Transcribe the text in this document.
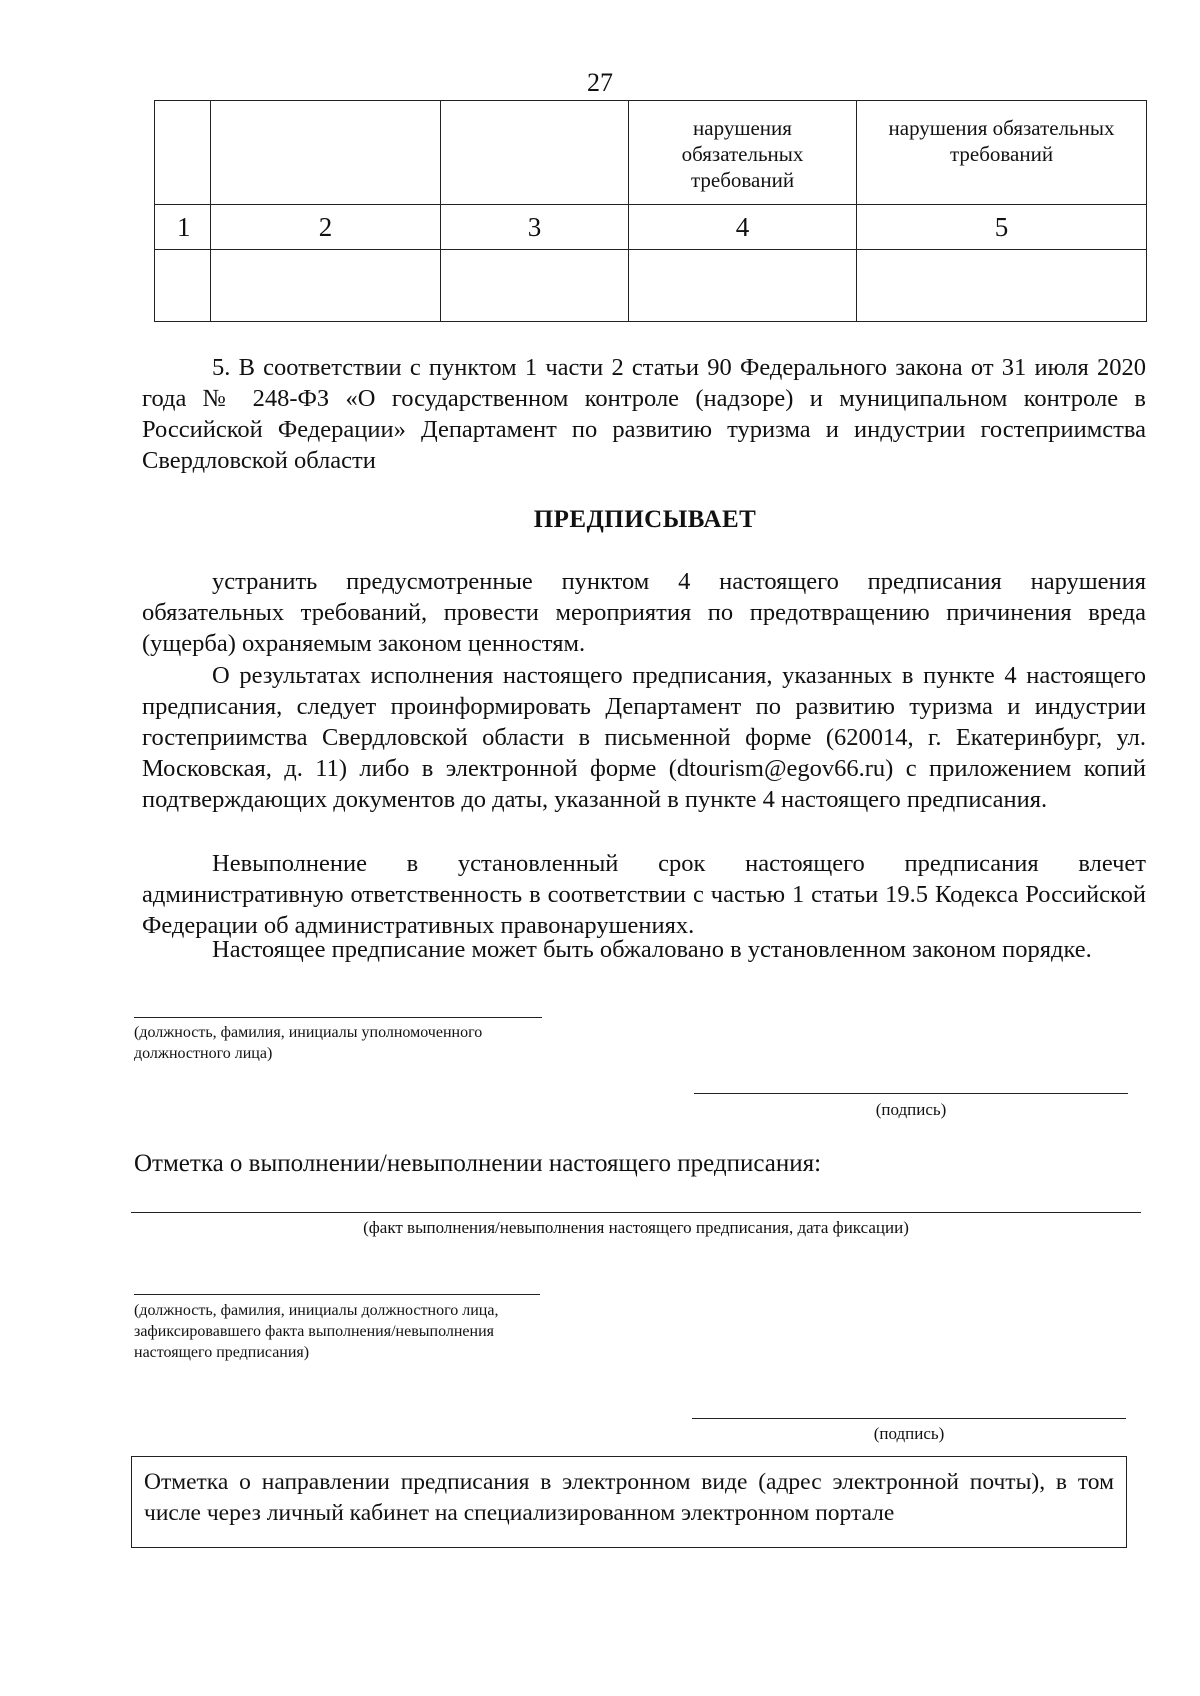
27
			нарушения обязательных требований	нарушения обязательных требований
1	2	3	4	5

5. В соответствии с пунктом 1 части 2 статьи 90 Федерального закона от 31 июля 2020 года № 248-ФЗ «О государственном контроле (надзоре) и муниципальном контроле в Российской Федерации» Департамент по развитию туризма и индустрии гостеприимства Свердловской области

ПРЕДПИСЫВАЕТ

устранить предусмотренные пунктом 4 настоящего предписания нарушения обязательных требований, провести мероприятия по предотвращению причинения вреда (ущерба) охраняемым законом ценностям.

О результатах исполнения настоящего предписания, указанных в пункте 4 настоящего предписания, следует проинформировать Департамент по развитию туризма и индустрии гостеприимства Свердловской области в письменной форме (620014, г. Екатеринбург, ул. Московская, д. 11) либо в электронной форме (dtourism@egov66.ru) с приложением копий подтверждающих документов до даты, указанной в пункте 4 настоящего предписания.

Невыполнение в установленный срок настоящего предписания влечет административную ответственность в соответствии с частью 1 статьи 19.5 Кодекса Российской Федерации об административных правонарушениях.

Настоящее предписание может быть обжаловано в установленном законом порядке.

(должность, фамилия, инициалы уполномоченного должностного лица)
(подпись)
Отметка о выполнении/невыполнении настоящего предписания:
(факт выполнения/невыполнения настоящего предписания, дата фиксации)
(должность, фамилия, инициалы должностного лица, зафиксировавшего факта выполнения/невыполнения настоящего предписания)
(подпись)
Отметка о направлении предписания в электронном виде (адрес электронной почты), в том числе через личный кабинет на специализированном электронном портале
